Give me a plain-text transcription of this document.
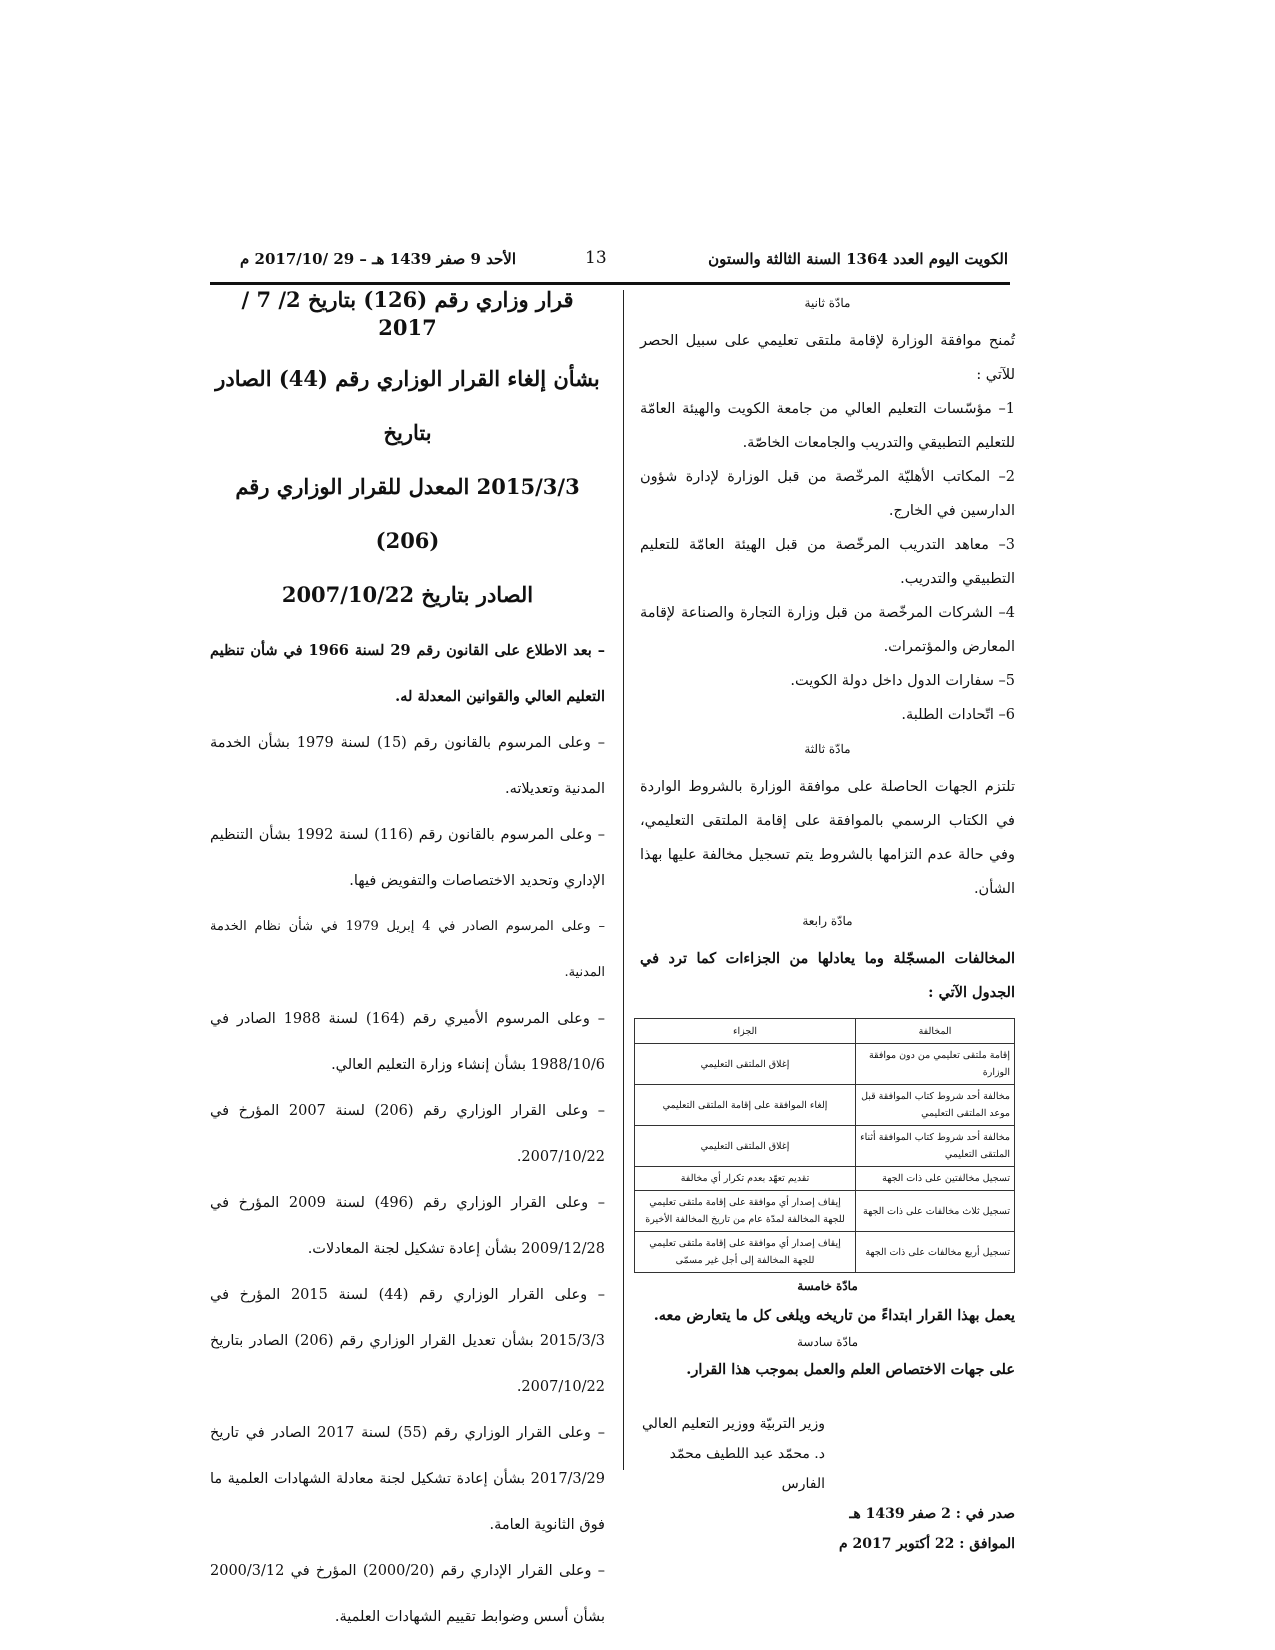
الأحد 9 صفر 1439 هـ – 29 /2017/10 م	13	الكويت اليوم العدد 1364 السنة الثالثة والستون

مادّة ثانية

تُمنح موافقة الوزارة لإقامة ملتقى تعليمي على سبيل الحصر للآتي :

1– مؤسّسات التعليم العالي من جامعة الكويت والهيئة العامّة للتعليم التطبيقي والتدريب والجامعات الخاصّة.

2– المكاتب الأهليّة المرخّصة من قبل الوزارة لإدارة شؤون الدارسين في الخارج.

3– معاهد التدريب المرخّصة من قبل الهيئة العامّة للتعليم التطبيقي والتدريب.

4– الشركات المرخّصة من قبل وزارة التجارة والصناعة لإقامة المعارض والمؤتمرات.

5– سفارات الدول داخل دولة الكويت.

6– اتّحادات الطلبة.

مادّة ثالثة

تلتزم الجهات الحاصلة على موافقة الوزارة بالشروط الواردة في الكتاب الرسمي بالموافقة على إقامة الملتقى التعليمي، وفي حالة عدم التزامها بالشروط يتم تسجيل مخالفة عليها بهذا الشأن.

مادّة رابعة

المخالفات المسجّلة وما يعادلها من الجزاءات كما ترد في الجدول الآتي :

المخالفة	الجزاء
إقامة ملتقى تعليمي من دون موافقة الوزارة	إغلاق الملتقى التعليمي
مخالفة أحد شروط كتاب الموافقة قبل موعد الملتقى التعليمي	إلغاء الموافقة على إقامة الملتقى التعليمي
مخالفة أحد شروط كتاب الموافقة أثناء الملتقى التعليمي	إغلاق الملتقى التعليمي
تسجيل مخالفتين على ذات الجهة	تقديم تعهّد بعدم تكرار أي مخالفة
تسجيل ثلاث مخالفات على ذات الجهة	إيقاف إصدار أي موافقة على إقامة ملتقى تعليمي للجهة المخالفة لمدّة عام من تاريخ المخالفة الأخيرة
تسجيل أربع مخالفات على ذات الجهة	إيقاف إصدار أي موافقة على إقامة ملتقى تعليمي للجهة المخالفة إلى أجل غير مسمّى

مادّة خامسة

يعمل بهذا القرار ابتداءً من تاريخه ويلغى كل ما يتعارض معه.

مادّة سادسة

على جهات الاختصاص العلم والعمل بموجب هذا القرار.

وزير التربيّة ووزير التعليم العالي

د. محمّد عبد اللطيف محمّد الفارس

صدر في : 2 صفر 1439 هـ

الموافق : 22 أكتوبر 2017 م

قرار وزاري رقم (126) بتاريخ 2/ 7 / 2017

بشأن إلغاء القرار الوزاري رقم (44) الصادر بتاريخ

2015/3/3 المعدل للقرار الوزاري رقم (206)

الصادر بتاريخ 2007/10/22

– بعد الاطلاع على القانون رقم 29 لسنة 1966 في شأن تنظيم التعليم العالي والقوانين المعدلة له.

– وعلى المرسوم بالقانون رقم (15) لسنة 1979 بشأن الخدمة المدنية وتعديلاته.

– وعلى المرسوم بالقانون رقم (116) لسنة 1992 بشأن التنظيم الإداري وتحديد الاختصاصات والتفويض فيها.

– وعلى المرسوم الصادر في 4 إبريل 1979 في شأن نظام الخدمة المدنية.

– وعلى المرسوم الأميري رقم (164) لسنة 1988 الصادر في 1988/10/6 بشأن إنشاء وزارة التعليم العالي.

– وعلى القرار الوزاري رقم (206) لسنة 2007 المؤرخ في 2007/10/22.

– وعلى القرار الوزاري رقم (496) لسنة 2009 المؤرخ في 2009/12/28 بشأن إعادة تشكيل لجنة المعادلات.

– وعلى القرار الوزاري رقم (44) لسنة 2015 المؤرخ في 2015/3/3 بشأن تعديل القرار الوزاري رقم (206) الصادر بتاريخ 2007/10/22.

– وعلى القرار الوزاري رقم (55) لسنة 2017 الصادر في تاريخ 2017/3/29 بشأن إعادة تشكيل لجنة معادلة الشهادات العلمية ما فوق الثانوية العامة.

– وعلى القرار الإداري رقم (2000/20) المؤرخ في 2000/3/12 بشأن أسس وضوابط تقييم الشهادات العلمية.
